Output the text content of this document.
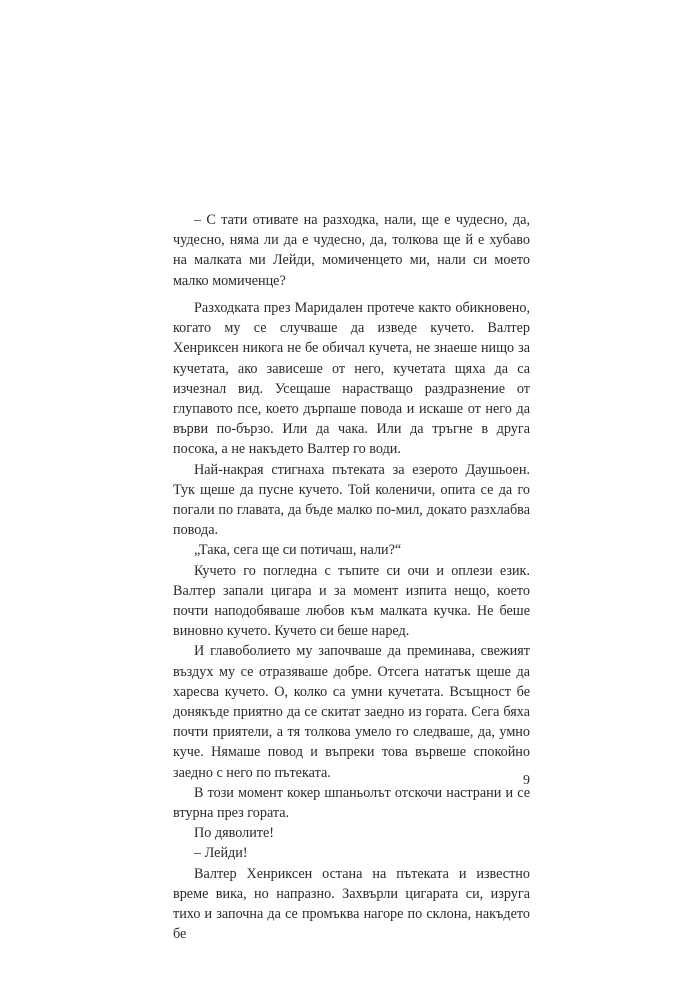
– С тати отивате на разходка, нали, ще е чудесно, да, чудесно, няма ли да е чудесно, да, толкова ще й е хубаво на малката ми Лейди, момиченцето ми, нали си моето малко момиченце?

Разходката през Маридален протече както обикновено, когато му се случваше да изведе кучето. Валтер Хенриксен никога не бе обичал кучета, не знаеше нищо за кучетата, ако зависеше от него, кучетата щяха да са изчезнал вид. Усещаше нарастващо раздразнение от глупавото псе, което дърпаше повода и искаше от него да върви по-бързо. Или да чака. Или да тръгне в друга посока, а не накъдето Валтер го води.

Най-накрая стигнаха пътеката за езерото Даушьоен. Тук щеше да пусне кучето. Той коленичи, опита се да го погали по главата, да бъде малко по-мил, докато разхлабва повода.

„Така, сега ще си потичаш, нали?“

Кучето го погледна с тъпите си очи и оплези език. Валтер запали цигара и за момент изпита нещо, което почти наподобяваше любов към малката кучка. Не беше виновно кучето. Кучето си беше наред.

И главоболието му започваше да преминава, свежият въздух му се отразяваше добре. Отсега нататък щеше да харесва кучето. О, колко са умни кучетата. Всъщност бе донякъде приятно да се скитат заедно из гората. Сега бяха почти приятели, а тя толкова умело го следваше, да, умно куче. Нямаше повод и въпреки това вървеше спокойно заедно с него по пътеката.

В този момент кокер шпаньолът отскочи настрани и се втурна през гората.

По дяволите!

– Лейди!

Валтер Хенриксен остана на пътеката и известно време вика, но напразно. Захвърли цигарата си, изруга тихо и започна да се промъква нагоре по склона, накъдето бе

9
